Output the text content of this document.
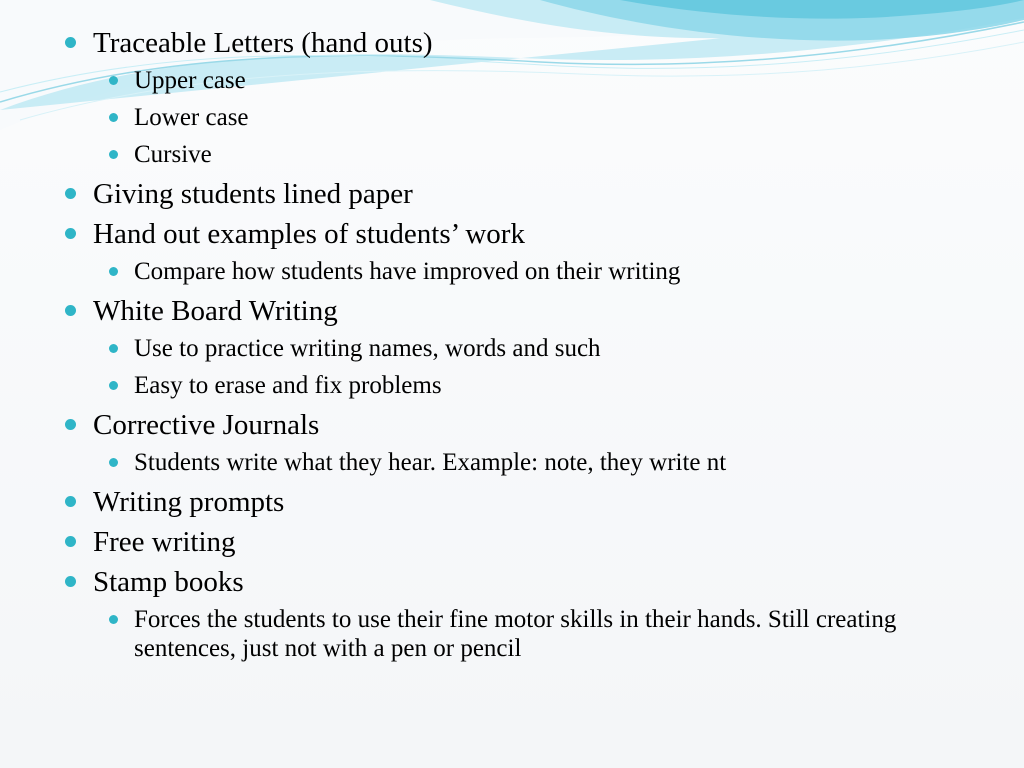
Traceable Letters (hand outs)
Upper case
Lower case
Cursive
Giving students lined paper
Hand out examples of students’ work
Compare how students have improved on their writing
White Board Writing
Use to practice writing names, words and such
Easy to erase and fix problems
Corrective Journals
Students write what they hear. Example: note, they write nt
Writing prompts
Free writing
Stamp books
Forces the students to use their fine motor skills in their hands. Still creating sentences, just not with a pen or pencil
